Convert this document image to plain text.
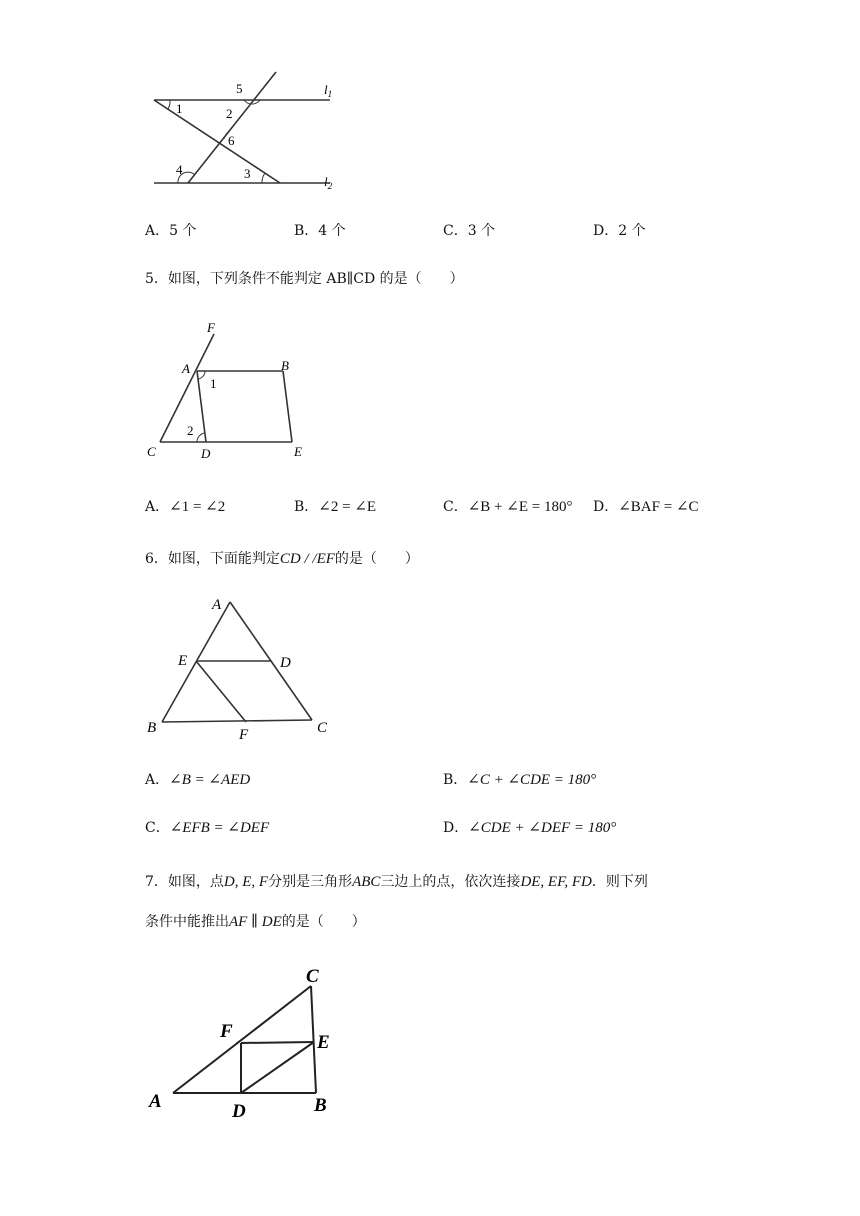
1	2
5
6
4	3
$l_1$
$l_2$
A．5 个	B．4 个	C．3 个	D．2 个
5．如图，下列条件不能判定 AB∥CD 的是（　　）
F
A	B
1
2
C	D	E
A．∠1 = ∠2	B．∠2 = ∠E	C．∠B + ∠E = 180° D．∠BAF = ∠C
6．如图，下面能判定CD / /EF的是（　　）
A
E	D
B	F	C
A．∠B = ∠AED	B．∠C + ∠CDE = 180°
C．∠EFB = ∠DEF	D．∠CDE + ∠DEF = 180°
7．如图，点D, E, F分别是三角形ABC三边上的点，依次连接DE, EF, FD．则下列
条件中能推出AF ∥ DE的是（　　）
C
F
E
A	D	B
